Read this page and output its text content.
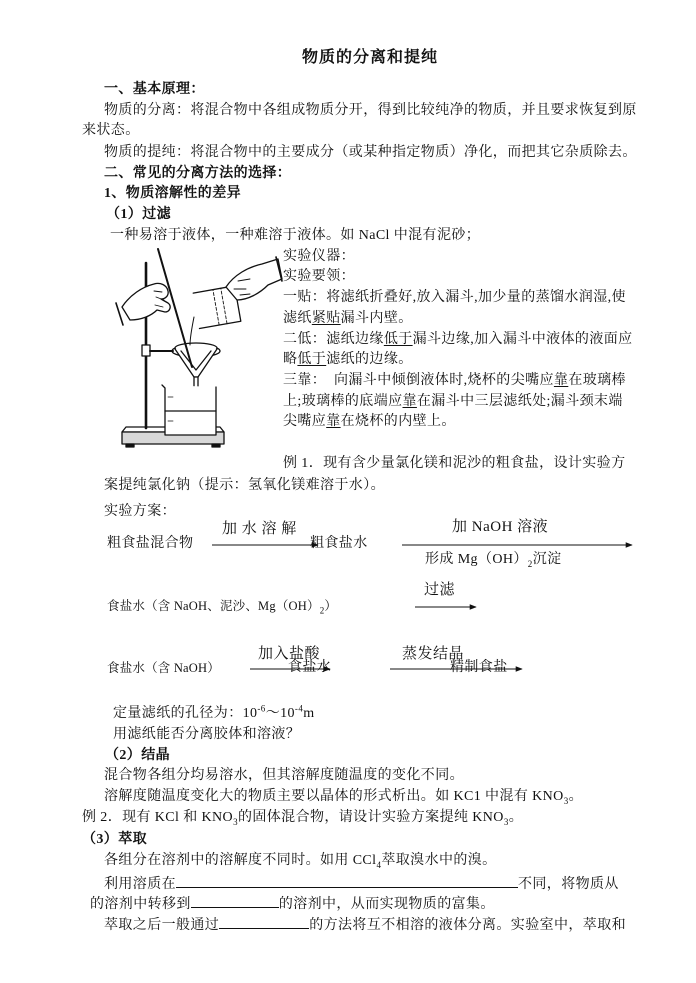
物质的分离和提纯
一、基本原理：
物质的分离：将混合物中各组成物质分开，得到比较纯净的物质，并且要求恢复到原
来状态。
物质的提纯：将混合物中的主要成分（或某种指定物质）净化，而把其它杂质除去。
二、常见的分离方法的选择：
1、物质溶解性的差异
（1）过滤
一种易溶于液体，一种难溶于液体。如 NaCl 中混有泥砂；
实验仪器：
实验要领：
一贴：将滤纸折叠好,放入漏斗,加少量的蒸馏水润湿,使
滤纸紧贴漏斗内壁。
二低：滤纸边缘低于漏斗边缘,加入漏斗中液体的液面应
略低于滤纸的边缘。
三靠：  向漏斗中倾倒液体时,烧杯的尖嘴应靠在玻璃棒
上;玻璃棒的底端应靠在漏斗中三层滤纸处;漏斗颈末端
尖嘴应靠在烧杯的内壁上。
例 1．现有含少量氯化镁和泥沙的粗食盐，设计实验方
案提纯氯化钠（提示：氢氧化镁难溶于水）。
实验方案：
粗食盐混合物
加 水 溶 解
粗食盐水
加 NaOH 溶液
形成 $Mg(OH)_2$沉淀
食盐水（含 NaOH、泥沙、$Mg(OH)_2$）
过滤
食盐水（含 NaOH）
加入盐酸
食盐水
蒸发结晶
精制食盐
定量滤纸的孔径为：$10^{-6}\sim 10^{-4}m$
用滤纸能否分离胶体和溶液？
（2）结晶
混合物各组分均易溶水，但其溶解度随温度的变化不同。
溶解度随温度变化大的物质主要以晶体的形式析出。如 KC1 中混有 $KNO_3$。
例 2．现有 KCl 和 $KNO_3$的固体混合物，请设计实验方案提纯 $KNO_3$。
（3）萃取
各组分在溶剂中的溶解度不同时。如用 CCl$_4$萃取溴水中的溴。
利用溶质在	不同，将物质从
的溶剂中转移到	的溶剂中，从而实现物质的富集。
萃取之后一般通过	的方法将互不相溶的液体分离。实验室中，萃取和
